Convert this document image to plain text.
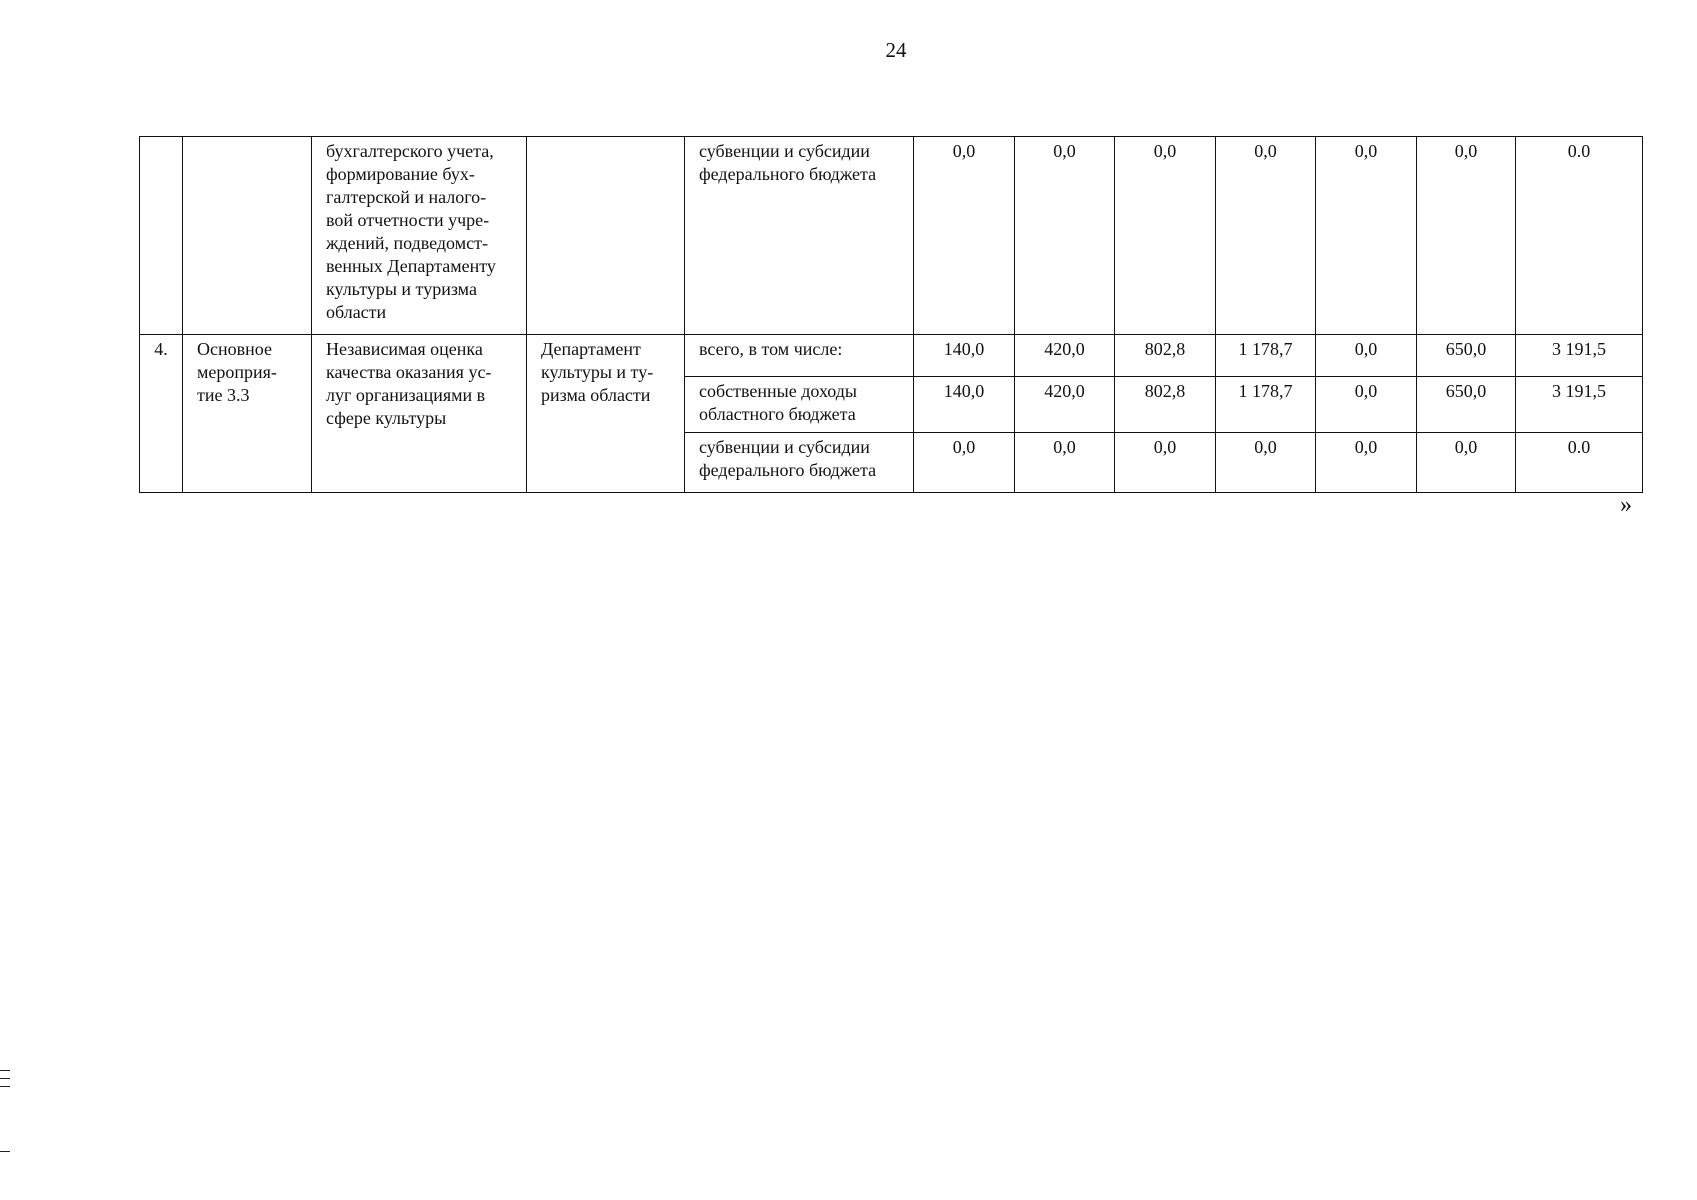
24
		бухгалтерского учета, формирование бух-галтерской и налого-вой отчетности учре-ждений, подведомст-венных Департаменту культуры и туризма области		субвенции и субсидии федерального бюджета	0,0	0,0	0,0	0,0	0,0	0,0	0.0
4.	Основное мероприя-тие 3.3	Независимая оценка качества оказания ус-луг организациями в сфере культуры	Департамент культуры и ту-ризма области	всего, в том числе:	140,0	420,0	802,8	1 178,7	0,0	650,0	3 191,5
				собственные доходы областного бюджета	140,0	420,0	802,8	1 178,7	0,0	650,0	3 191,5
				субвенции и субсидии федерального бюджета	0,0	0,0	0,0	0,0	0,0	0,0	0.0
»
